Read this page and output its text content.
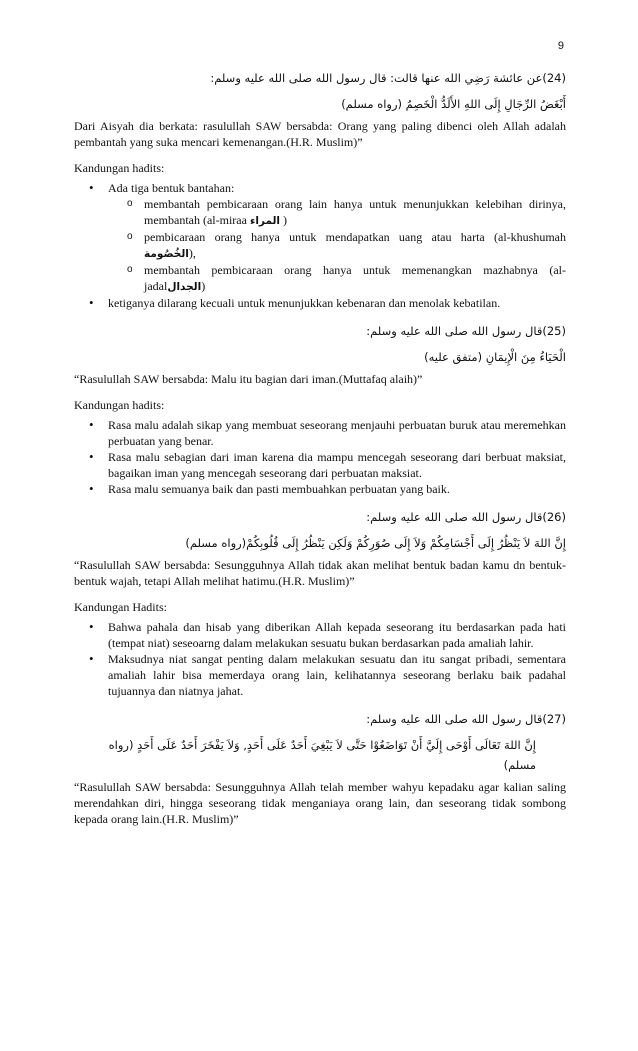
9

(24)عن عائشة رَضِي الله عنها قالت: قال رسول الله صلى الله عليه وسلم:

أَبْغَضُ الرِّجَالِ إِلَى اللهِ الأَلَدُّ الْخَصِمُ (رواه مسلم)

Dari Aisyah dia berkata: rasulullah SAW bersabda: Orang yang paling dibenci oleh Allah adalah pembantah yang suka mencari kemenangan.(H.R. Muslim)”

Kandungan hadits:

• Ada tiga bentuk bantahan:
o membantah pembicaraan orang lain hanya untuk menunjukkan kelebihan dirinya, membantah (al-miraa المراء )
o pembicaraan orang hanya untuk mendapatkan uang atau harta (al-khushumah الخُصُومة),
o membantah pembicaraan orang hanya untuk memenangkan mazhabnya (al-jadalالجدال)
• ketiganya dilarang kecuali untuk menunjukkan kebenaran dan menolak kebatilan.

(25)قال رسول الله صلى الله عليه وسلم:

الْحَيَاءُ مِنَ الْإِيمَانِ (متفق عليه)

“Rasulullah SAW bersabda: Malu itu bagian dari iman.(Muttafaq alaih)”

Kandungan hadits:

• Rasa malu adalah sikap yang membuat seseorang menjauhi perbuatan buruk atau meremehkan perbuatan yang benar.
• Rasa malu sebagian dari iman karena dia mampu mencegah seseorang dari berbuat maksiat, bagaikan iman yang mencegah seseorang dari perbuatan maksiat.
• Rasa malu semuanya baik dan pasti membuahkan perbuatan yang baik.

(26)قال رسول الله صلى الله عليه وسلم:

إِنَّ اللهَ لاَ يَنْظُرُ إِلَى أَجْسَامِكُمْ وَلاَ إِلَى صُوَرِكُمْ وَلَكِن يَنْظُرُ إِلَى قُلُوبِكُمْ(رواه مسلم)

“Rasulullah SAW bersabda: Sesungguhnya Allah tidak akan melihat bentuk badan kamu dn bentuk-bentuk wajah, tetapi Allah melihat hatimu.(H.R. Muslim)”

Kandungan Hadits:

• Bahwa pahala dan hisab yang diberikan Allah kepada seseorang itu berdasarkan pada hati (tempat niat) seseoarng dalam melakukan sesuatu bukan berdasarkan pada amaliah lahir.
• Maksudnya niat sangat penting dalam melakukan sesuatu dan itu sangat pribadi, sementara amaliah lahir bisa memerdaya orang lain, kelihatannya seseorang berlaku baik padahal tujuannya dan niatnya jahat.

(27)قال رسول الله صلى الله عليه وسلم:

إِنَّ اللهَ تَعَالَى أَوْحَى إِلَيَّ أَنْ تَوَاضَعُوْا حَتَّى لاَ يَبْغِيَ أَحَدٌ عَلَى أَحَدٍ, وَلاَ يَفْخَرَ أَحَدٌ عَلَى أَحَدٍ (رواه مسلم)

“Rasulullah SAW bersabda: Sesungguhnya Allah telah member wahyu kepadaku agar kalian saling merendahkan diri, hingga seseorang tidak menganiaya orang lain, dan seseorang tidak sombong kepada orang lain.(H.R. Muslim)”
